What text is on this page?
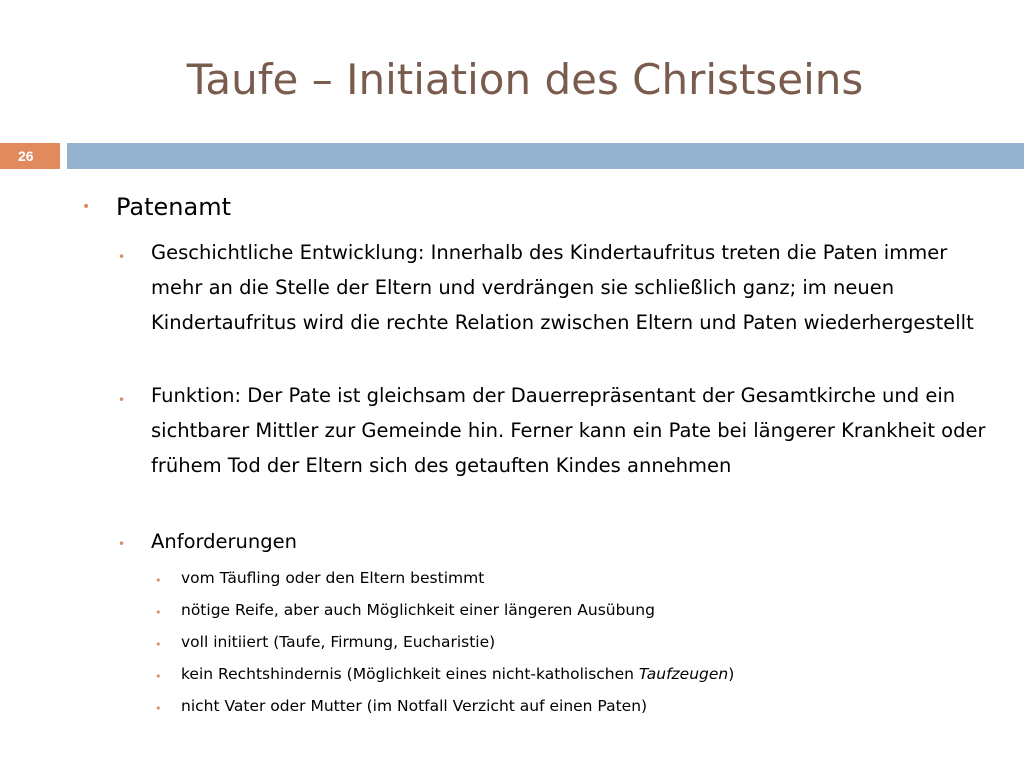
Taufe – Initiation des Christseins
26
• Patenamt
• Geschichtliche Entwicklung: Innerhalb des Kindertaufritus treten die Paten immer mehr an die Stelle der Eltern und verdrängen sie schließlich ganz; im neuen Kindertaufritus wird die rechte Relation zwischen Eltern und Paten wiederhergestellt
• Funktion: Der Pate ist gleichsam der Dauerrepräsentant der Gesamtkirche und ein sichtbarer Mittler zur Gemeinde hin. Ferner kann ein Pate bei längerer Krankheit oder frühem Tod der Eltern sich des getauften Kindes annehmen
• Anforderungen
• vom Täufling oder den Eltern bestimmt
• nötige Reife, aber auch Möglichkeit einer längeren Ausübung
• voll initiiert (Taufe, Firmung, Eucharistie)
• kein Rechtshindernis (Möglichkeit eines nicht-katholischen Taufzeugen)
• nicht Vater oder Mutter (im Notfall Verzicht auf einen Paten)
